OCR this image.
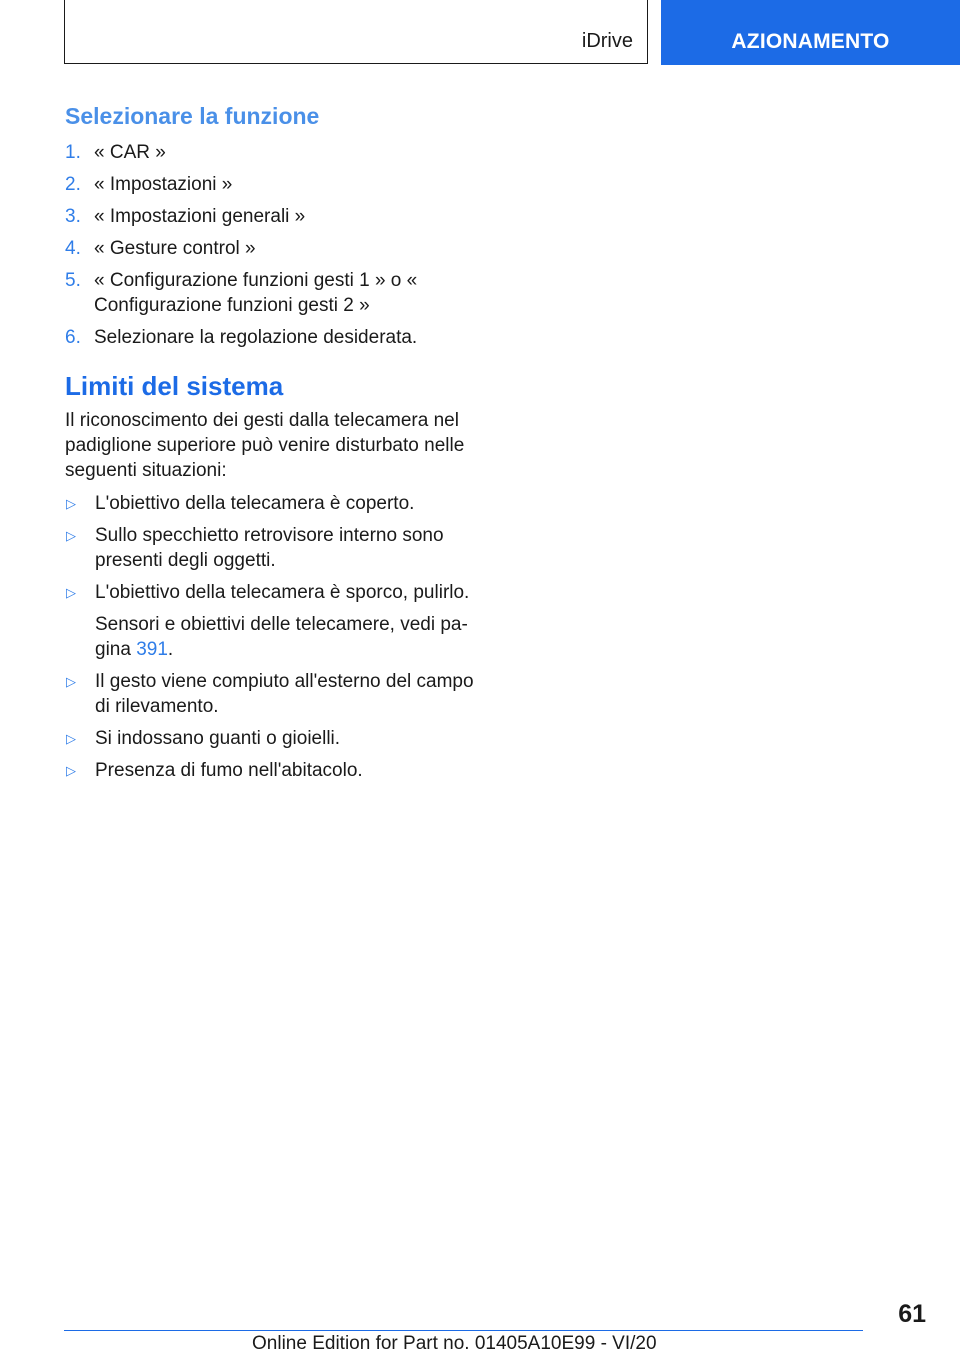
iDrive	AZIONAMENTO
Selezionare la funzione
1. « CAR »
2. « Impostazioni »
3. « Impostazioni generali »
4. « Gesture control »
5. « Configurazione funzioni gesti 1 » o « Configurazione funzioni gesti 2 »
6. Selezionare la regolazione desiderata.
Limiti del sistema

Il riconoscimento dei gesti dalla telecamera nel padiglione superiore può venire disturbato nelle seguenti situazioni:

▷	L'obiettivo della telecamera è coperto.
▷	Sullo specchietto retrovisore interno sono presenti degli oggetti.
▷	L'obiettivo della telecamera è sporco, pulirlo.
Sensori e obiettivi delle telecamere, vedi pagina 391.
▷	Il gesto viene compiuto all'esterno del campo di rilevamento.
▷	Si indossano guanti o gioielli.
▷	Presenza di fumo nell'abitacolo.
61
Online Edition for Part no. 01405A10E99 - VI/20
